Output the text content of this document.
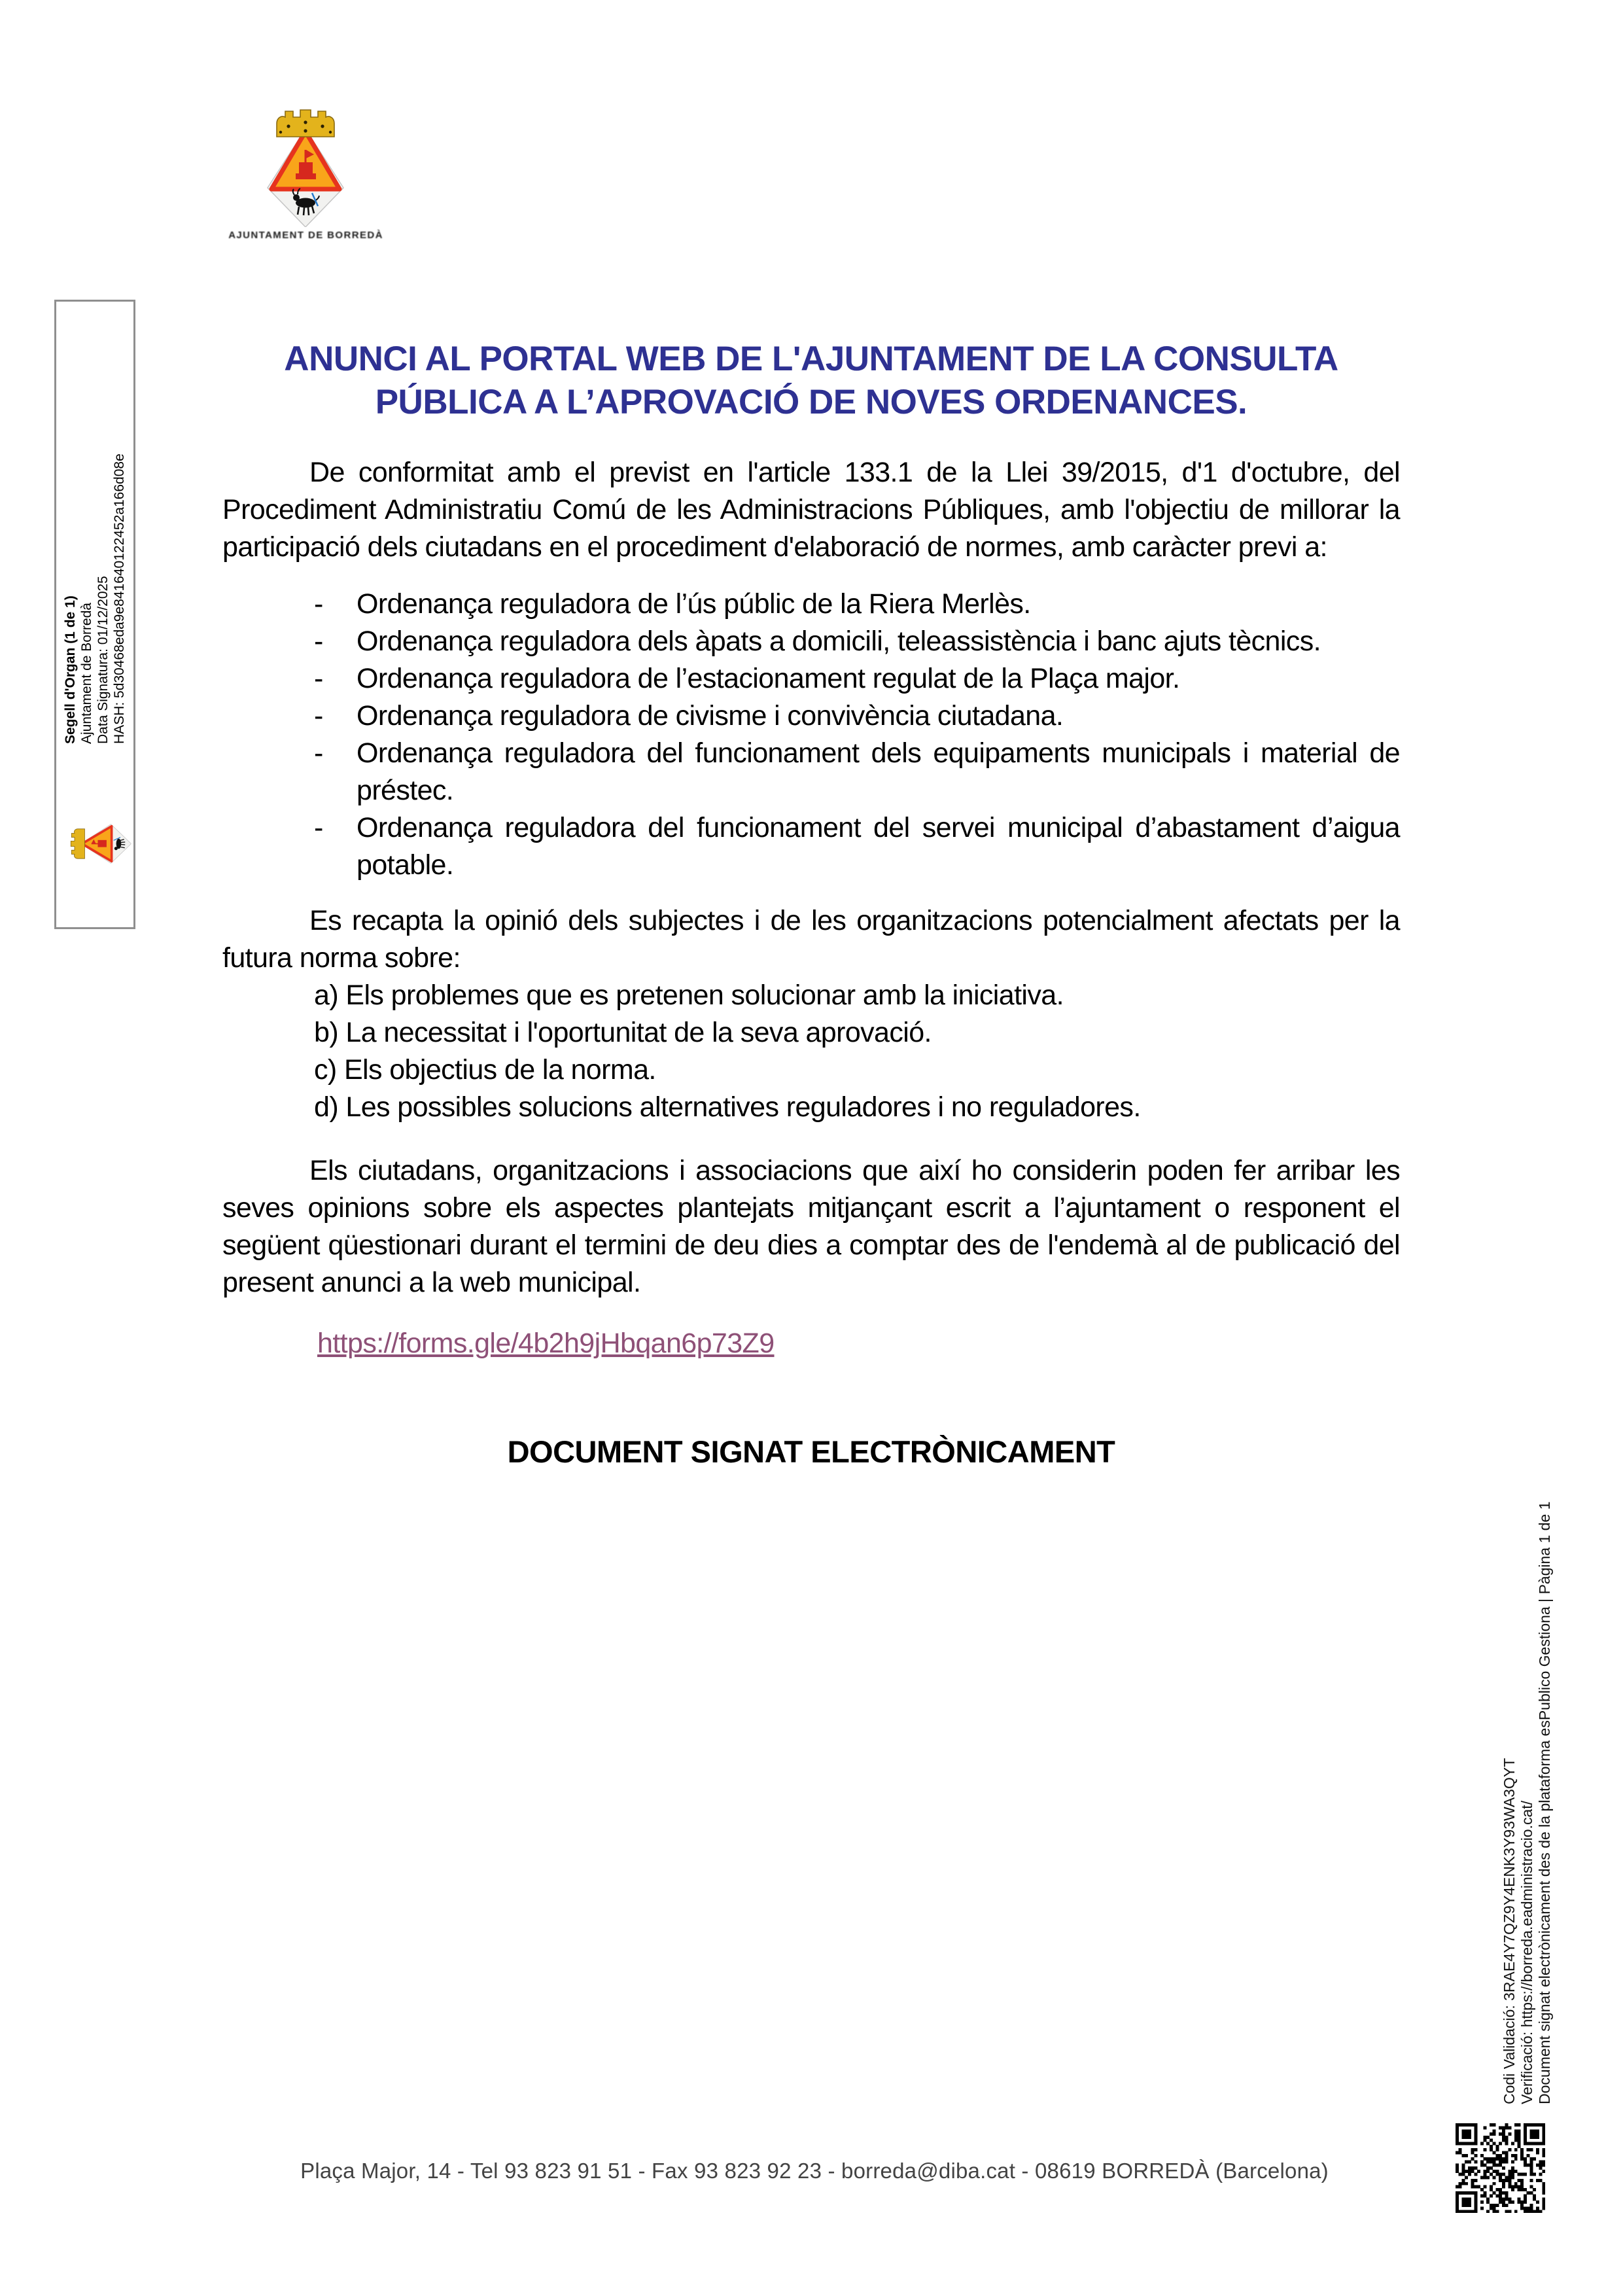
AJUNTAMENT DE BORREDÀ
Segell d'Organ (1 de 1) Ajuntament de Borredà Data Signatura: 01/12/2025 HASH: 5d30468eda9e841640122452a166d08e
ANUNCI AL PORTAL WEB DE L'AJUNTAMENT DE LA CONSULTA
PÚBLICA A L’APROVACIÓ DE NOVES ORDENANCES.

De conformitat amb el previst en l'article 133.1 de la Llei 39/2015, d'1 d'octubre, del Procediment Administratiu Comú de les Administracions Públiques, amb l'objectiu de millorar la participació dels ciutadans en el procediment d'elaboració de normes, amb caràcter previ a:

- Ordenança reguladora de l’ús públic de la Riera Merlès.
- Ordenança reguladora dels àpats a domicili, teleassistència i banc ajuts tècnics.
- Ordenança reguladora de l’estacionament regulat de la Plaça major.
- Ordenança reguladora de civisme i convivència ciutadana.
- Ordenança reguladora del funcionament dels equipaments municipals i material de préstec.
- Ordenança reguladora del funcionament del servei municipal d’abastament d’aigua potable.

Es recapta la opinió dels subjectes i de les organitzacions potencialment afectats per la futura norma sobre:

a) Els problemes que es pretenen solucionar amb la iniciativa.
b) La necessitat i l'oportunitat de la seva aprovació.
c) Els objectius de la norma.
d) Les possibles solucions alternatives reguladores i no reguladores.

Els ciutadans, organitzacions i associacions que així ho considerin poden fer arribar les seves opinions sobre els aspectes plantejats mitjançant escrit a l’ajuntament o responent el següent qüestionari durant el termini de deu dies a comptar des de l'endemà al de publicació del present anunci a la web municipal.

https://forms.gle/4b2h9jHbqan6p73Z9
DOCUMENT SIGNAT ELECTRÒNICAMENT
Codi Validació: 3RAE4Y7QZ9Y4ENK3Y93WA3QYT Verificació: https://borreda.eadministracio.cat/ Document signat electrònicament des de la plataforma esPublico Gestiona | Pàgina 1 de 1
Plaça Major, 14 - Tel 93 823 91 51 - Fax 93 823 92 23 - borreda@diba.cat - 08619 BORREDÀ (Barcelona)
